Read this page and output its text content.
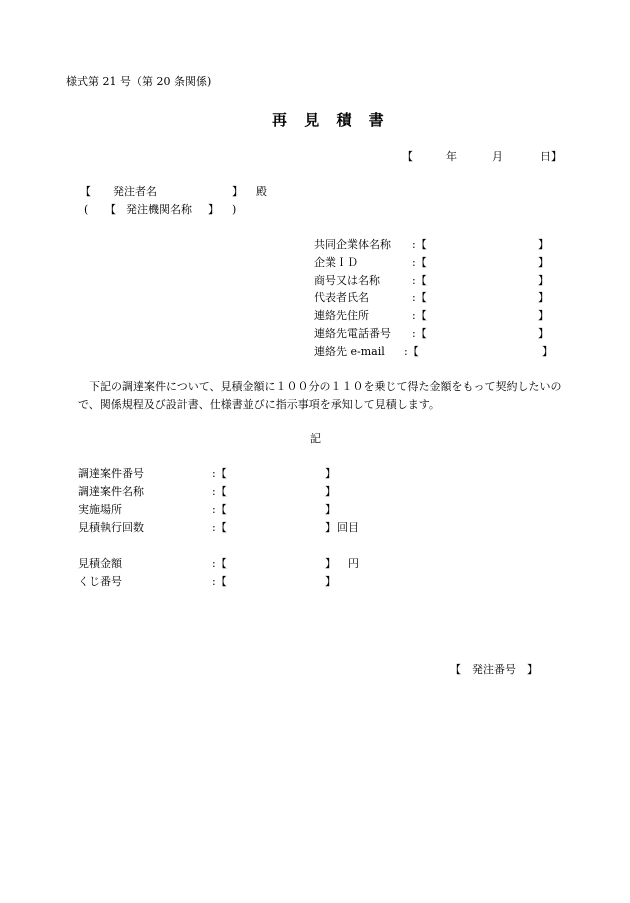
様式第 21 号（第 20 条関係)
再 見 積 書
【	年	月	日】
【 発注者名	】 殿
( 【 発注機関名称 】 )
共同企業体名称 :【	】
企業ＩＤ	:【	】
商号又は名称	:【	】
代表者氏名	:【	】
連絡先住所	:【	】
連絡先電話番号 :【	】
連絡先 e-mail :【	】
下記の調達案件について、見積金額に１００分の１１０を乗じて得た金額をもって契約したいので、関係規程及び設計書、仕様書並びに指示事項を承知して見積します。
記
調達案件番号	:【	】
調達案件名称	:【	】
実施場所	:【	】
見積執行回数	:【	】 回目
見積金額	:【	】 円
くじ番号	:【	】
【　発注番号　】
